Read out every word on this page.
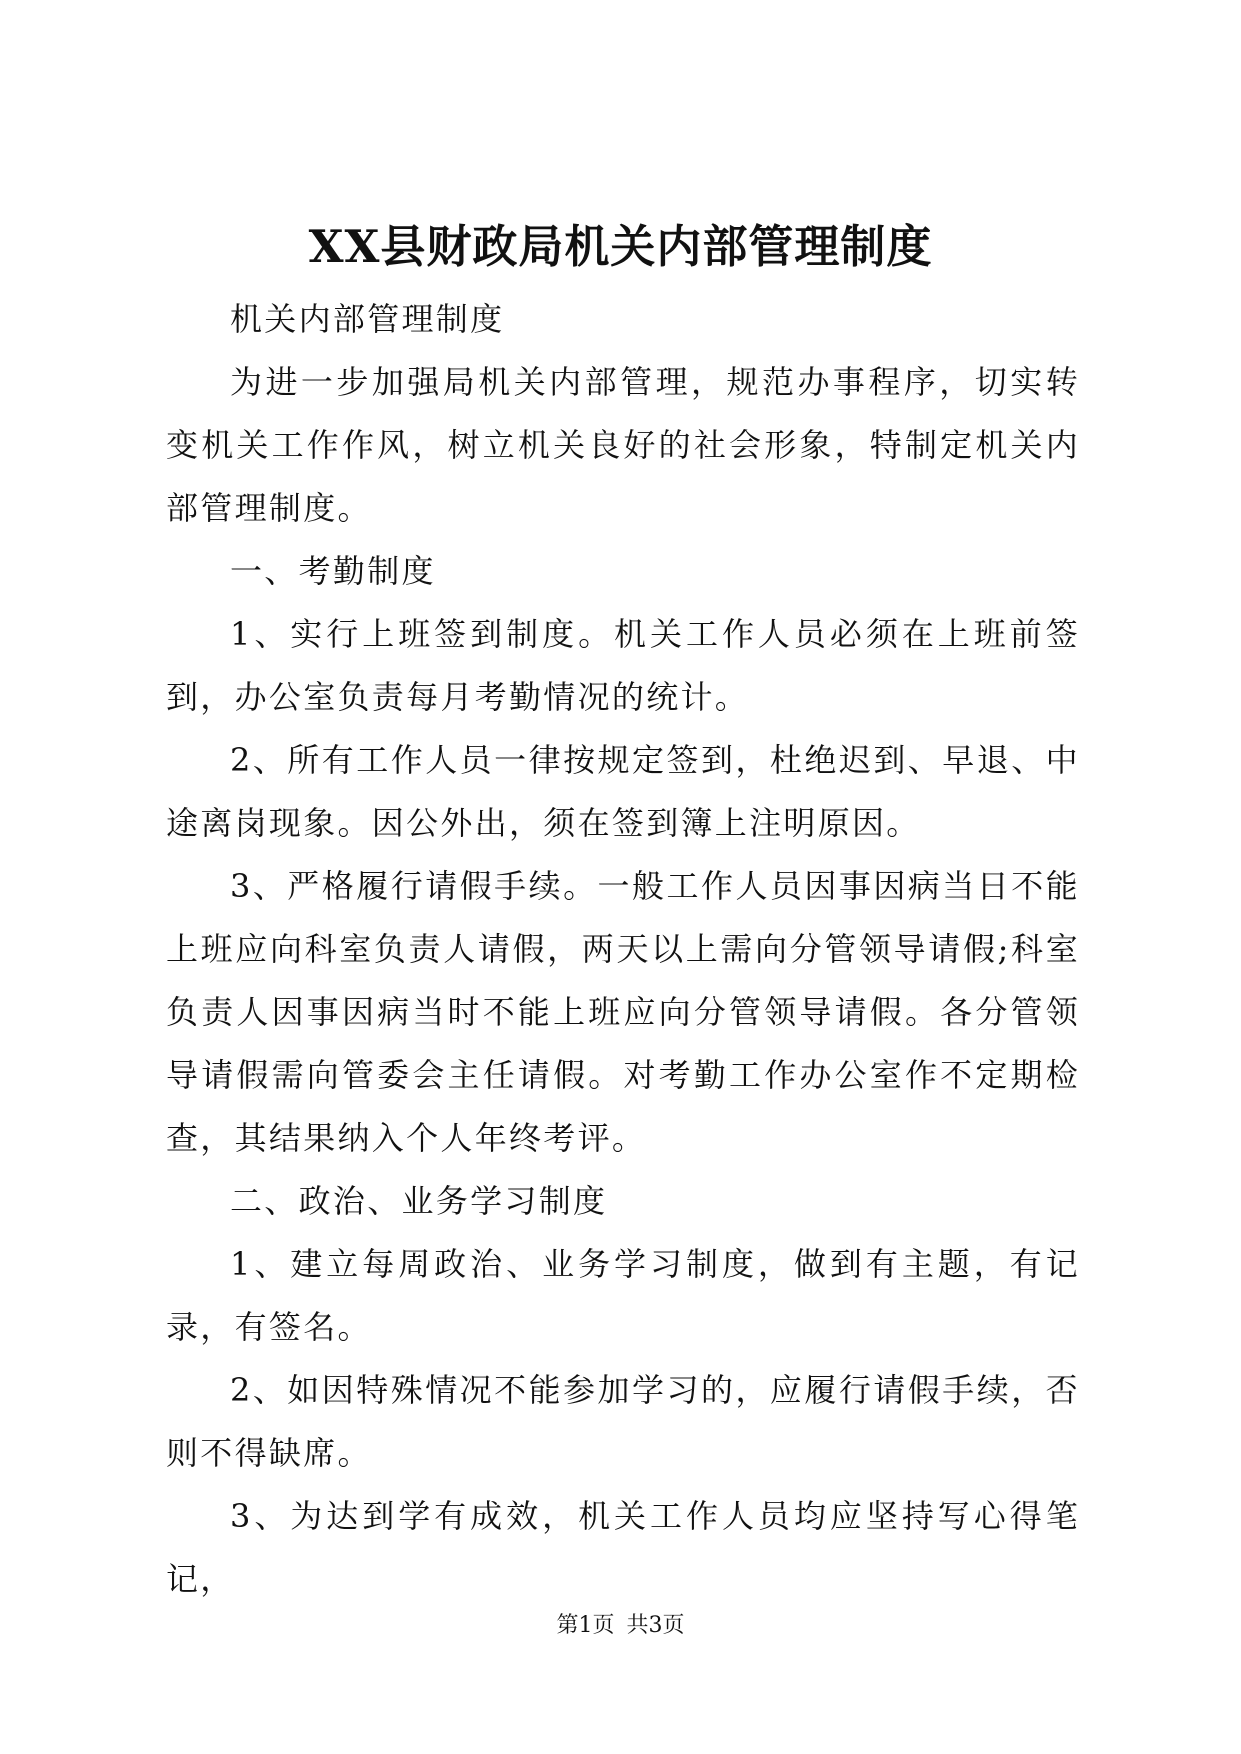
XX县财政局机关内部管理制度

机关内部管理制度

为进一步加强局机关内部管理，规范办事程序，切实转变机关工作作风，树立机关良好的社会形象，特制定机关内部管理制度。

一、考勤制度

1、实行上班签到制度。机关工作人员必须在上班前签到，办公室负责每月考勤情况的统计。

2、所有工作人员一律按规定签到，杜绝迟到、早退、中途离岗现象。因公外出，须在签到簿上注明原因。

3、严格履行请假手续。一般工作人员因事因病当日不能上班应向科室负责人请假，两天以上需向分管领导请假;科室负责人因事因病当时不能上班应向分管领导请假。各分管领导请假需向管委会主任请假。对考勤工作办公室作不定期检查，其结果纳入个人年终考评。

二、政治、业务学习制度

1、建立每周政治、业务学习制度，做到有主题，有记录，有签名。

2、如因特殊情况不能参加学习的，应履行请假手续，否则不得缺席。

3、为达到学有成效，机关工作人员均应坚持写心得笔记，

第1页 共3页
